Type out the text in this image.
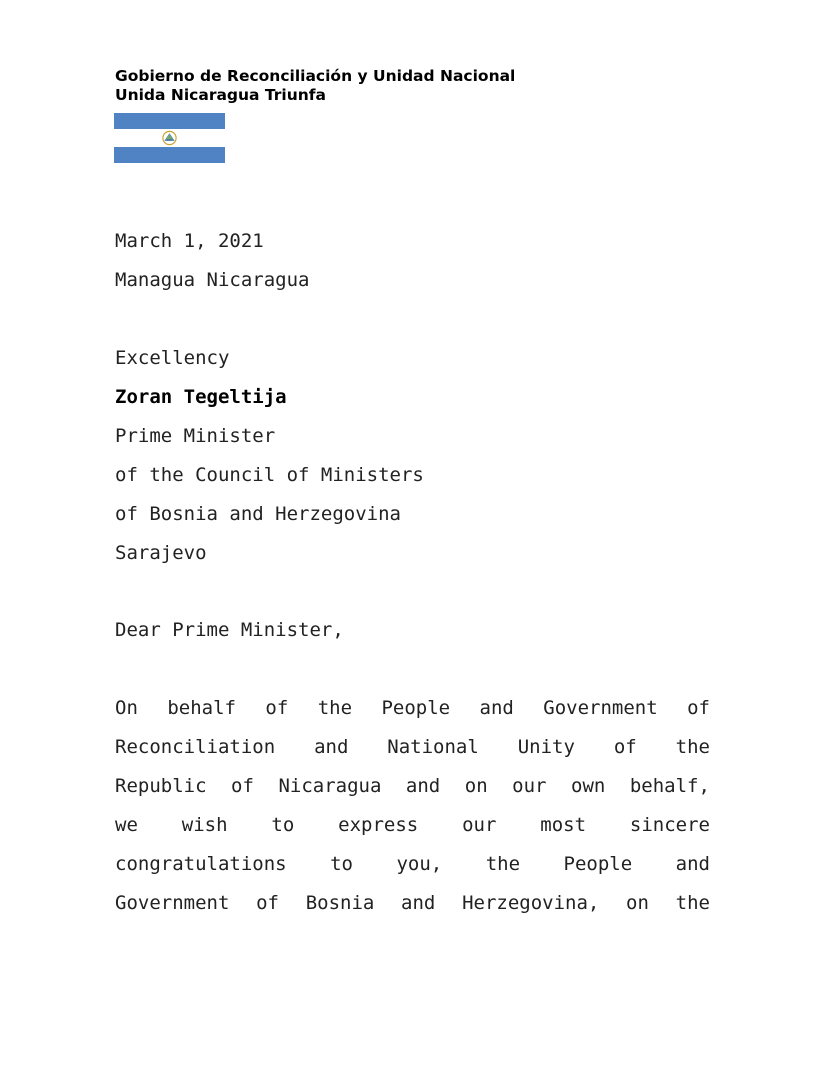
Gobierno de Reconciliación y Unidad Nacional
Unida Nicaragua Triunfa
March 1, 2021
Managua Nicaragua
Excellency
Zoran Tegeltija
Prime Minister
of the Council of Ministers
of Bosnia and Herzegovina
Sarajevo
Dear Prime Minister,
On behalf of the People and Government of
Reconciliation and National Unity of the
Republic of Nicaragua and on our own behalf,
we wish to express our most sincere
congratulations to you, the People and
Government of Bosnia and Herzegovina, on the
